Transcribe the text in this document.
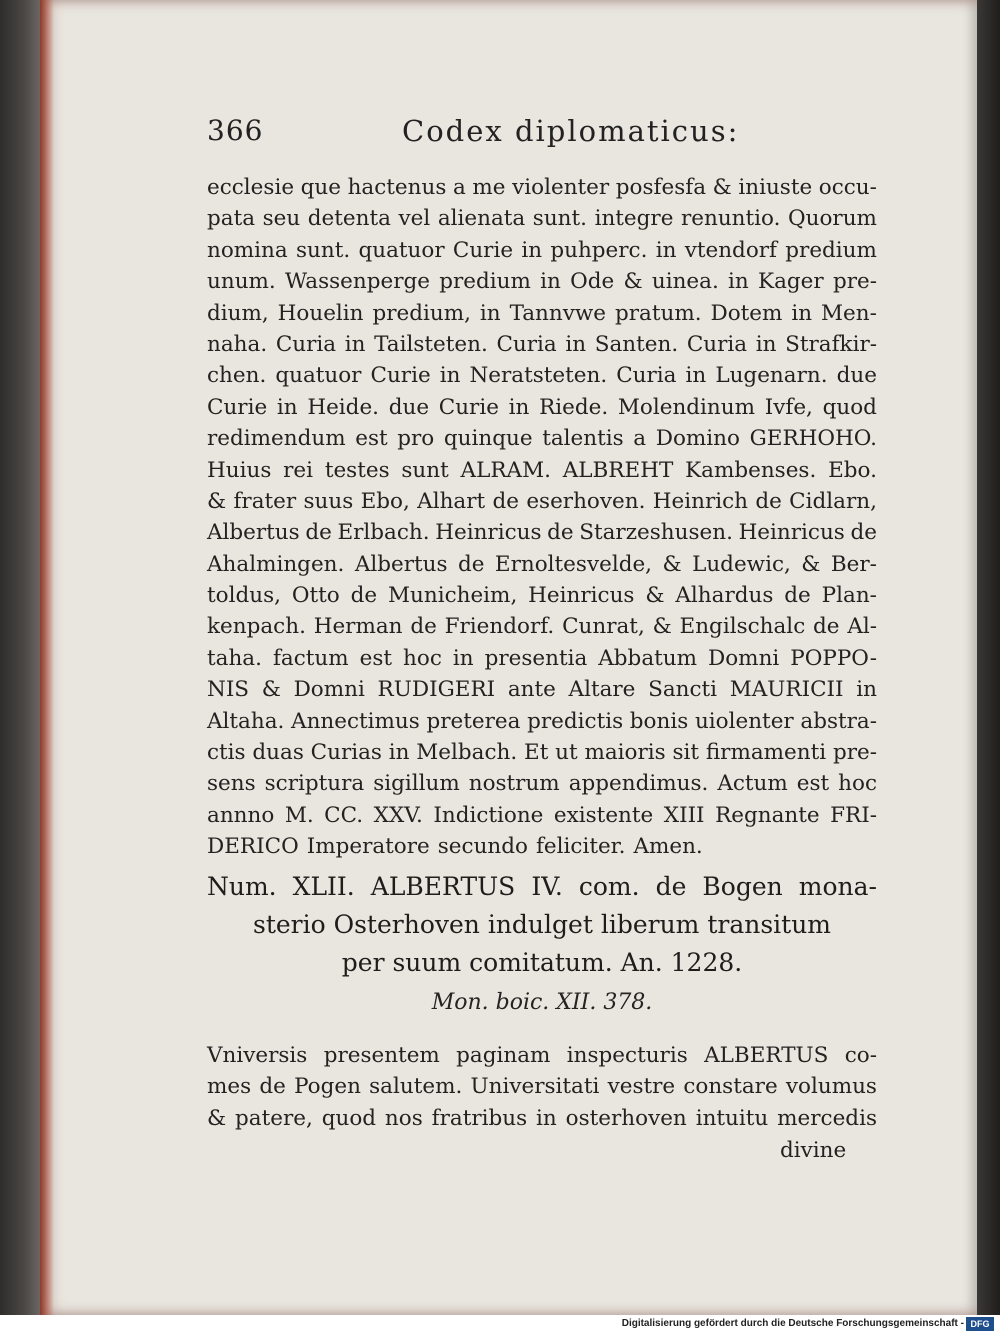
366	Codex diplomaticus:
ecclesie que hactenus a me violenter posfesfa & iniuste occu-
pata seu detenta vel alienata sunt. integre renuntio. Quorum
nomina sunt. quatuor Curie in puhperc. in vtendorf predium
unum. Wassenperge predium in Ode & uinea. in Kager pre-
dium, Houelin predium, in Tannvwe pratum. Dotem in Men-
naha. Curia in Tailsteten. Curia in Santen. Curia in Strafkir-
chen. quatuor Curie in Neratsteten. Curia in Lugenarn. due
Curie in Heide. due Curie in Riede. Molendinum Ivfe, quod
redimendum est pro quinque talentis a Domino GERHOHO.
Huius rei testes sunt ALRAM. ALBREHT Kambenses. Ebo.
& frater suus Ebo, Alhart de eserhoven. Heinrich de Cidlarn,
Albertus de Erlbach. Heinricus de Starzeshusen. Heinricus de
Ahalmingen. Albertus de Ernoltesvelde, & Ludewic, & Ber-
toldus, Otto de Municheim, Heinricus & Alhardus de Plan-
kenpach. Herman de Friendorf. Cunrat, & Engilschalc de Al-
taha. factum est hoc in presentia Abbatum Domni POPPO-
NIS & Domni RUDIGERI ante Altare Sancti MAURICII in
Altaha. Annectimus preterea predictis bonis uiolenter abstra-
ctis duas Curias in Melbach. Et ut maioris sit firmamenti pre-
sens scriptura sigillum nostrum appendimus. Actum est hoc
annno M. CC. XXV. Indictione existente XIII Regnante FRI-
DERICO Imperatore secundo feliciter. Amen.
Num. XLII. ALBERTUS IV. com. de Bogen mona-
sterio Osterhoven indulget liberum transitum
per suum comitatum. An. 1228.
Mon. boic. XII. 378.
Vniversis presentem paginam inspecturis ALBERTUS co-
mes de Pogen salutem. Universitati vestre constare volumus
& patere, quod nos fratribus in osterhoven intuitu mercedis
divine
Digitalisierung gefördert durch die Deutsche Forschungsgemeinschaft - DFG
